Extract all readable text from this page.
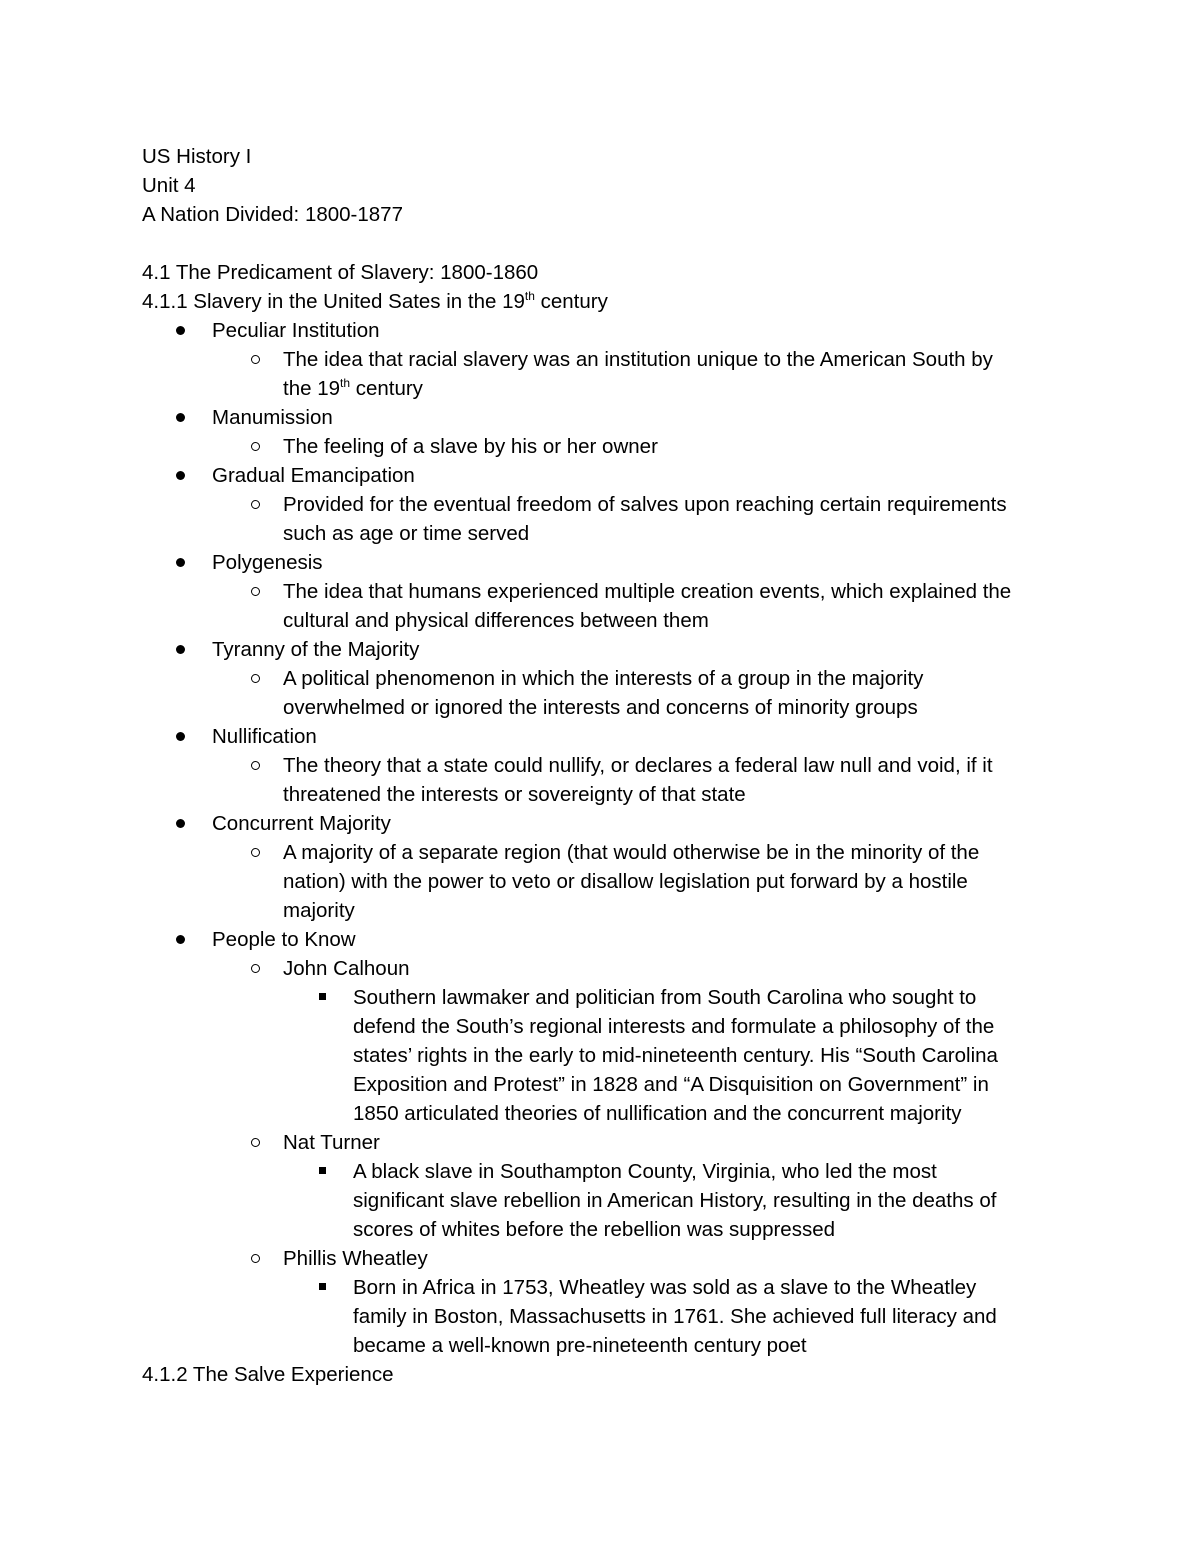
US History I
Unit 4
A Nation Divided: 1800-1877
4.1 The Predicament of Slavery: 1800-1860
4.1.1 Slavery in the United Sates in the 19th century
Peculiar Institution
The idea that racial slavery was an institution unique to the American South by
the 19th century
Manumission
The feeling of a slave by his or her owner
Gradual Emancipation
Provided for the eventual freedom of salves upon reaching certain requirements
such as age or time served
Polygenesis
The idea that humans experienced multiple creation events, which explained the
cultural and physical differences between them
Tyranny of the Majority
A political phenomenon in which the interests of a group in the majority
overwhelmed or ignored the interests and concerns of minority groups
Nullification
The theory that a state could nullify, or declares a federal law null and void, if it
threatened the interests or sovereignty of that state
Concurrent Majority
A majority of a separate region (that would otherwise be in the minority of the
nation) with the power to veto or disallow legislation put forward by a hostile
majority
People to Know
John Calhoun
Southern lawmaker and politician from South Carolina who sought to
defend the South’s regional interests and formulate a philosophy of the
states’ rights in the early to mid-nineteenth century. His “South Carolina
Exposition and Protest” in 1828 and “A Disquisition on Government” in
1850 articulated theories of nullification and the concurrent majority
Nat Turner
A black slave in Southampton County, Virginia, who led the most
significant slave rebellion in American History, resulting in the deaths of
scores of whites before the rebellion was suppressed
Phillis Wheatley
Born in Africa in 1753, Wheatley was sold as a slave to the Wheatley
family in Boston, Massachusetts in 1761. She achieved full literacy and
became a well-known pre-nineteenth century poet
4.1.2 The Salve Experience
